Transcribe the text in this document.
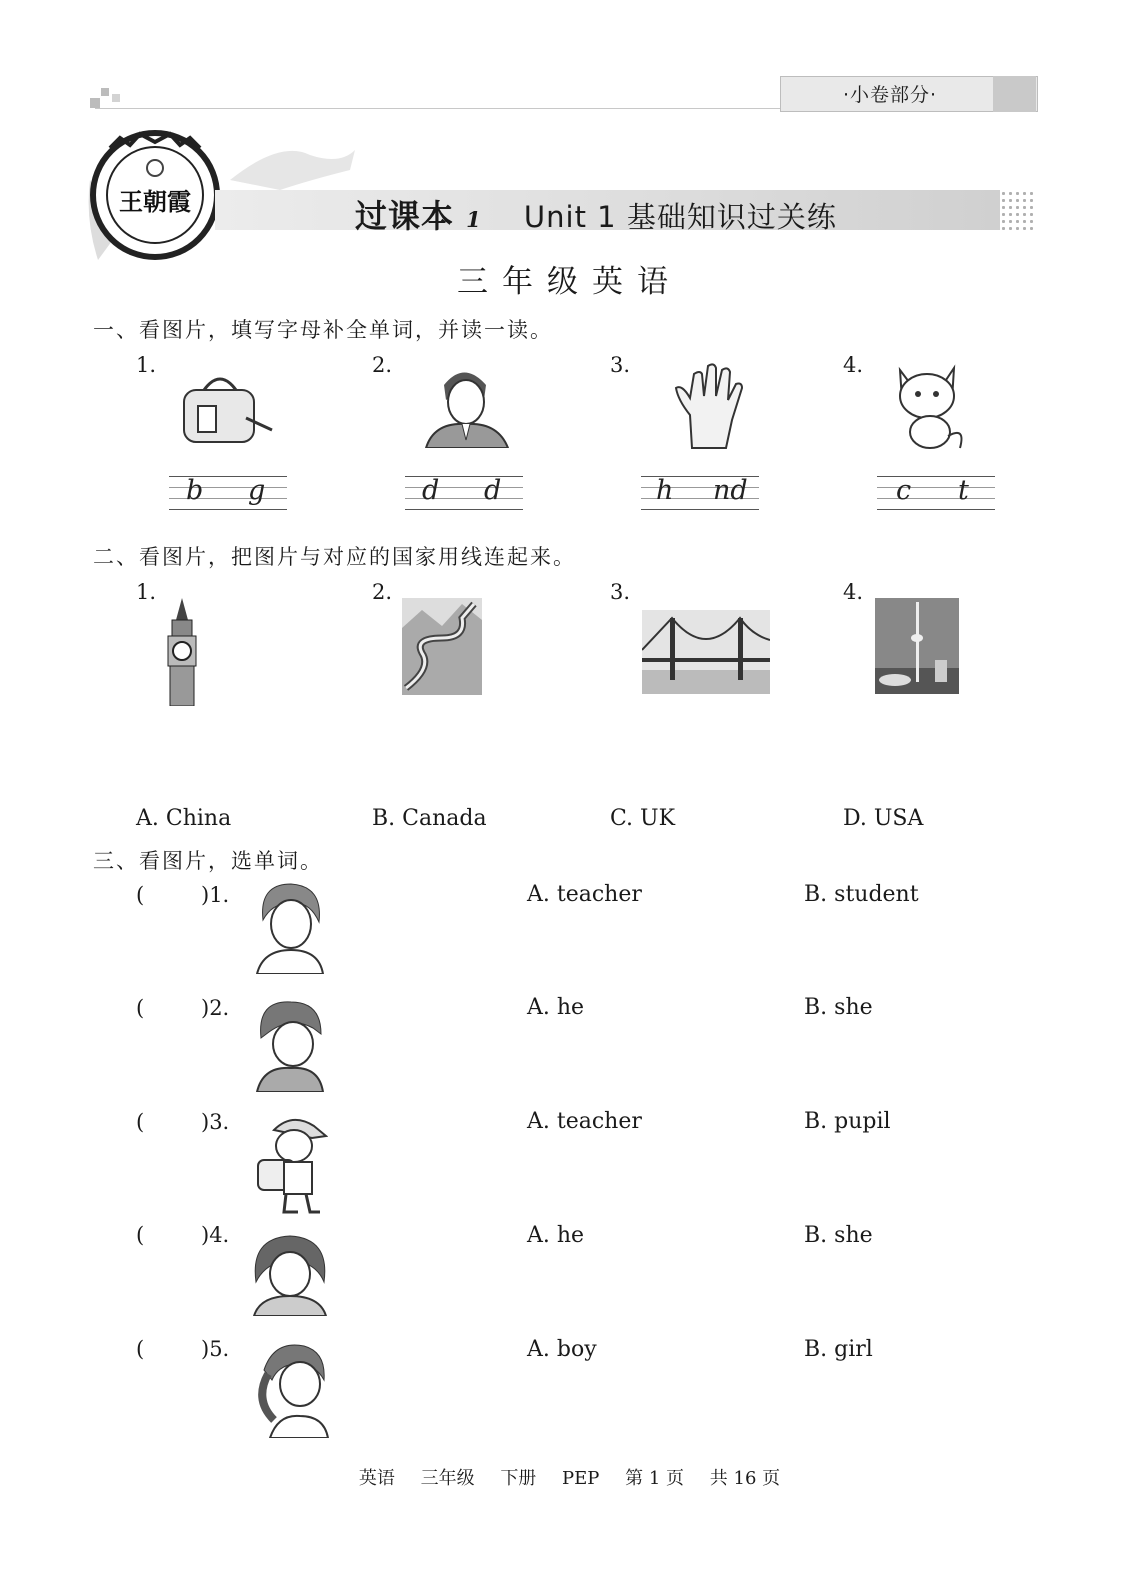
·小卷部分·
王朝霞	过课本 1 Unit 1 基础知识过关练
三年级英语
一、看图片，填写字母补全单词，并读一读。
1.	2.	3.	4.
b g	d d	h nd	c t
二、看图片，把图片与对应的国家用线连起来。
1.	2.	3.	4.
A. China	B. Canada	C. UK	D. USA
三、看图片，选单词。
(	)1.	A. teacher	B. student
(	)2.	A. he	B. she
(	)3.	A. teacher	B. pupil
(	)4.	A. he	B. she
(	)5.	A. boy	B. girl
英语 三年级 下册 PEP 第 1 页 共 16 页
